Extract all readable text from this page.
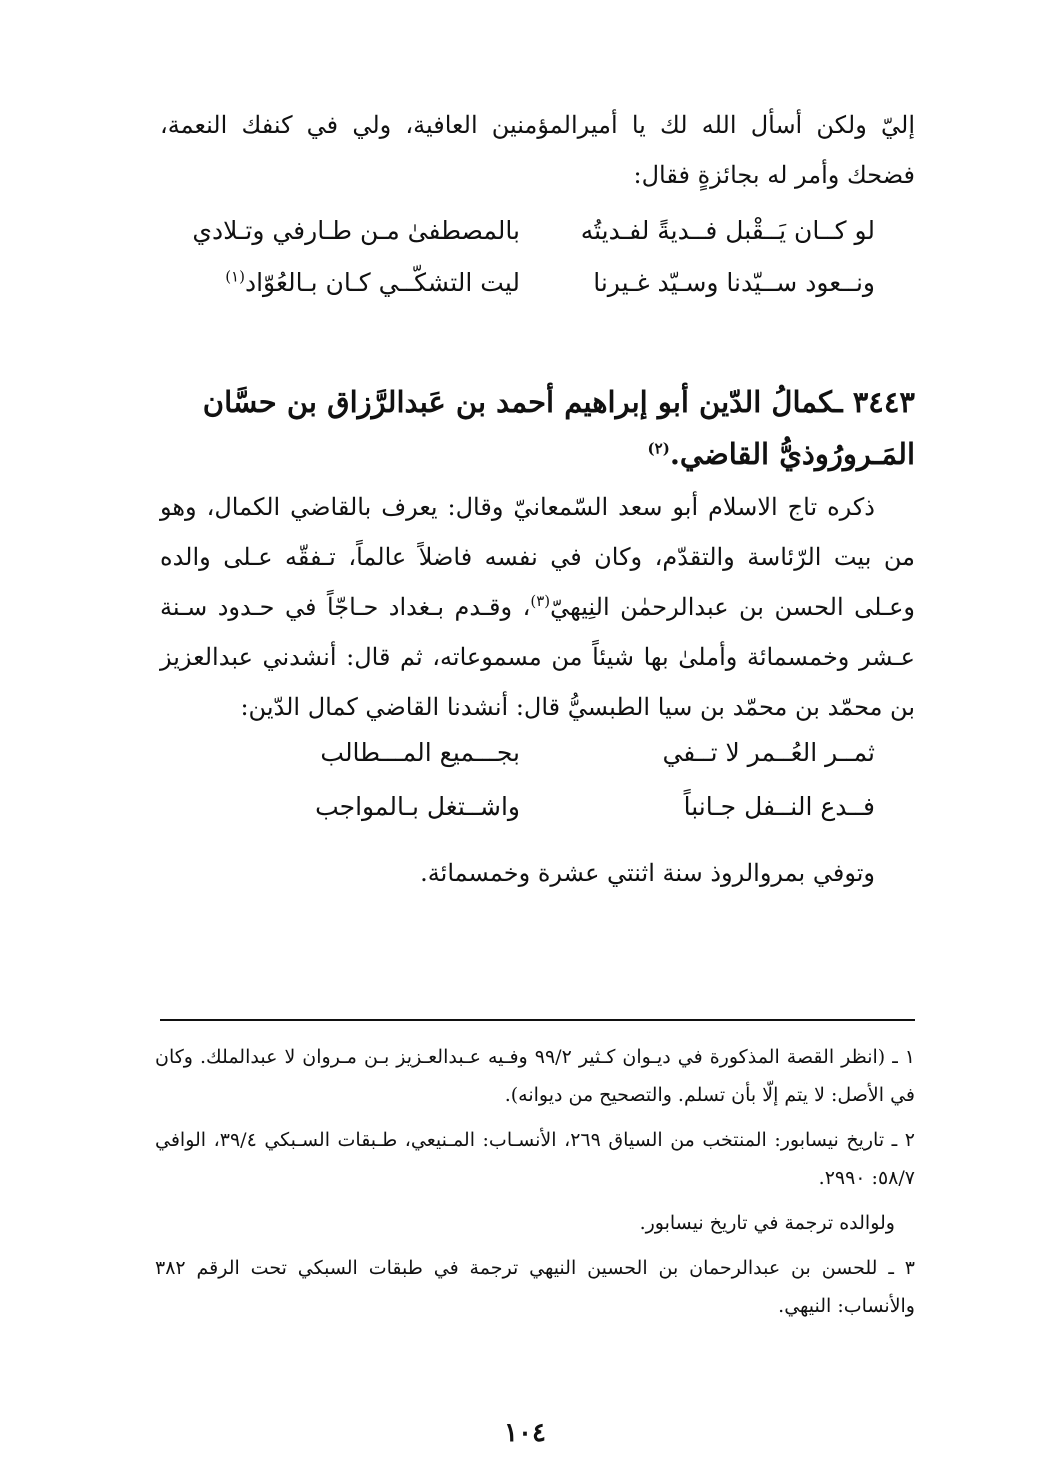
إليّ ولكن أسأل الله لك يا أميرالمؤمنين العافية، ولي في كنفك النعمة، فضحك وأمر له بجائزةٍ فقال:

لو كــان يَــقْبل فــديةً لفـديتُه
بالمصطفىٰ مـن طـارفي وتـلادي
ونــعود ســيّدنا وسـيّد غـيرنا
ليت التشكّــي كـان بـالعُوّاد$^{(١)}$
٣٤٤٣ ـكمالُ الدّين أبو إبراهيم أحمد بن عَبدالرَّزاق بن حسَّان المَـرورُوذيُّ القاضي.$^{(٢)}$

ذكره تاج الاسلام أبو سعد السّمعانيّ وقال: يعرف بالقاضي الكمال، وهو من بيت الرّئاسة والتقدّم، وكان في نفسه فاضلاً عالماً، تـفقّه عـلى والده وعـلى الحسن بن عبدالرحمٰن النِيهيّ$^{(٣)}$، وقـدم بـغداد حـاجّاً في حـدود سـنة عـشر وخمسمائة وأملىٰ بها شيئاً من مسموعاته، ثم قال: أنشدني عبدالعزيز بن محمّد بن محمّد بن سيا الطبسيُّ قال: أنشدنا القاضي كمال الدّين:

ثمــر العُــمر لا تــفي
بجـــميع المـــطالب
فــدع النــفل جـانباً
واشــتغل بـالمواجب

وتوفي بمروالروذ سنة اثنتي عشرة وخمسمائة.

١ ـ (انظر القصة المذكورة في ديـوان كـثير ٩٩/٢ وفـيه عـبدالعـزيز بـن مـروان لا عبدالملك. وكان في الأصل: لا يتم إلّا بأن تسلم. والتصحيح من ديوانه).

٢ ـ تاريخ نيسابور: المنتخب من السياق ٢٦٩، الأنسـاب: المـنيعي، طـبقات السـبكي ٣٩/٤، الوافي ٥٨/٧: ٢٩٩٠.

ولوالده ترجمة في تاريخ نيسابور.

٣ ـ للحسن بن عبدالرحمان بن الحسين النيهي ترجمة في طبقات السبكي تحت الرقم ٣٨٢ والأنساب: النيهي.

١٠٤
